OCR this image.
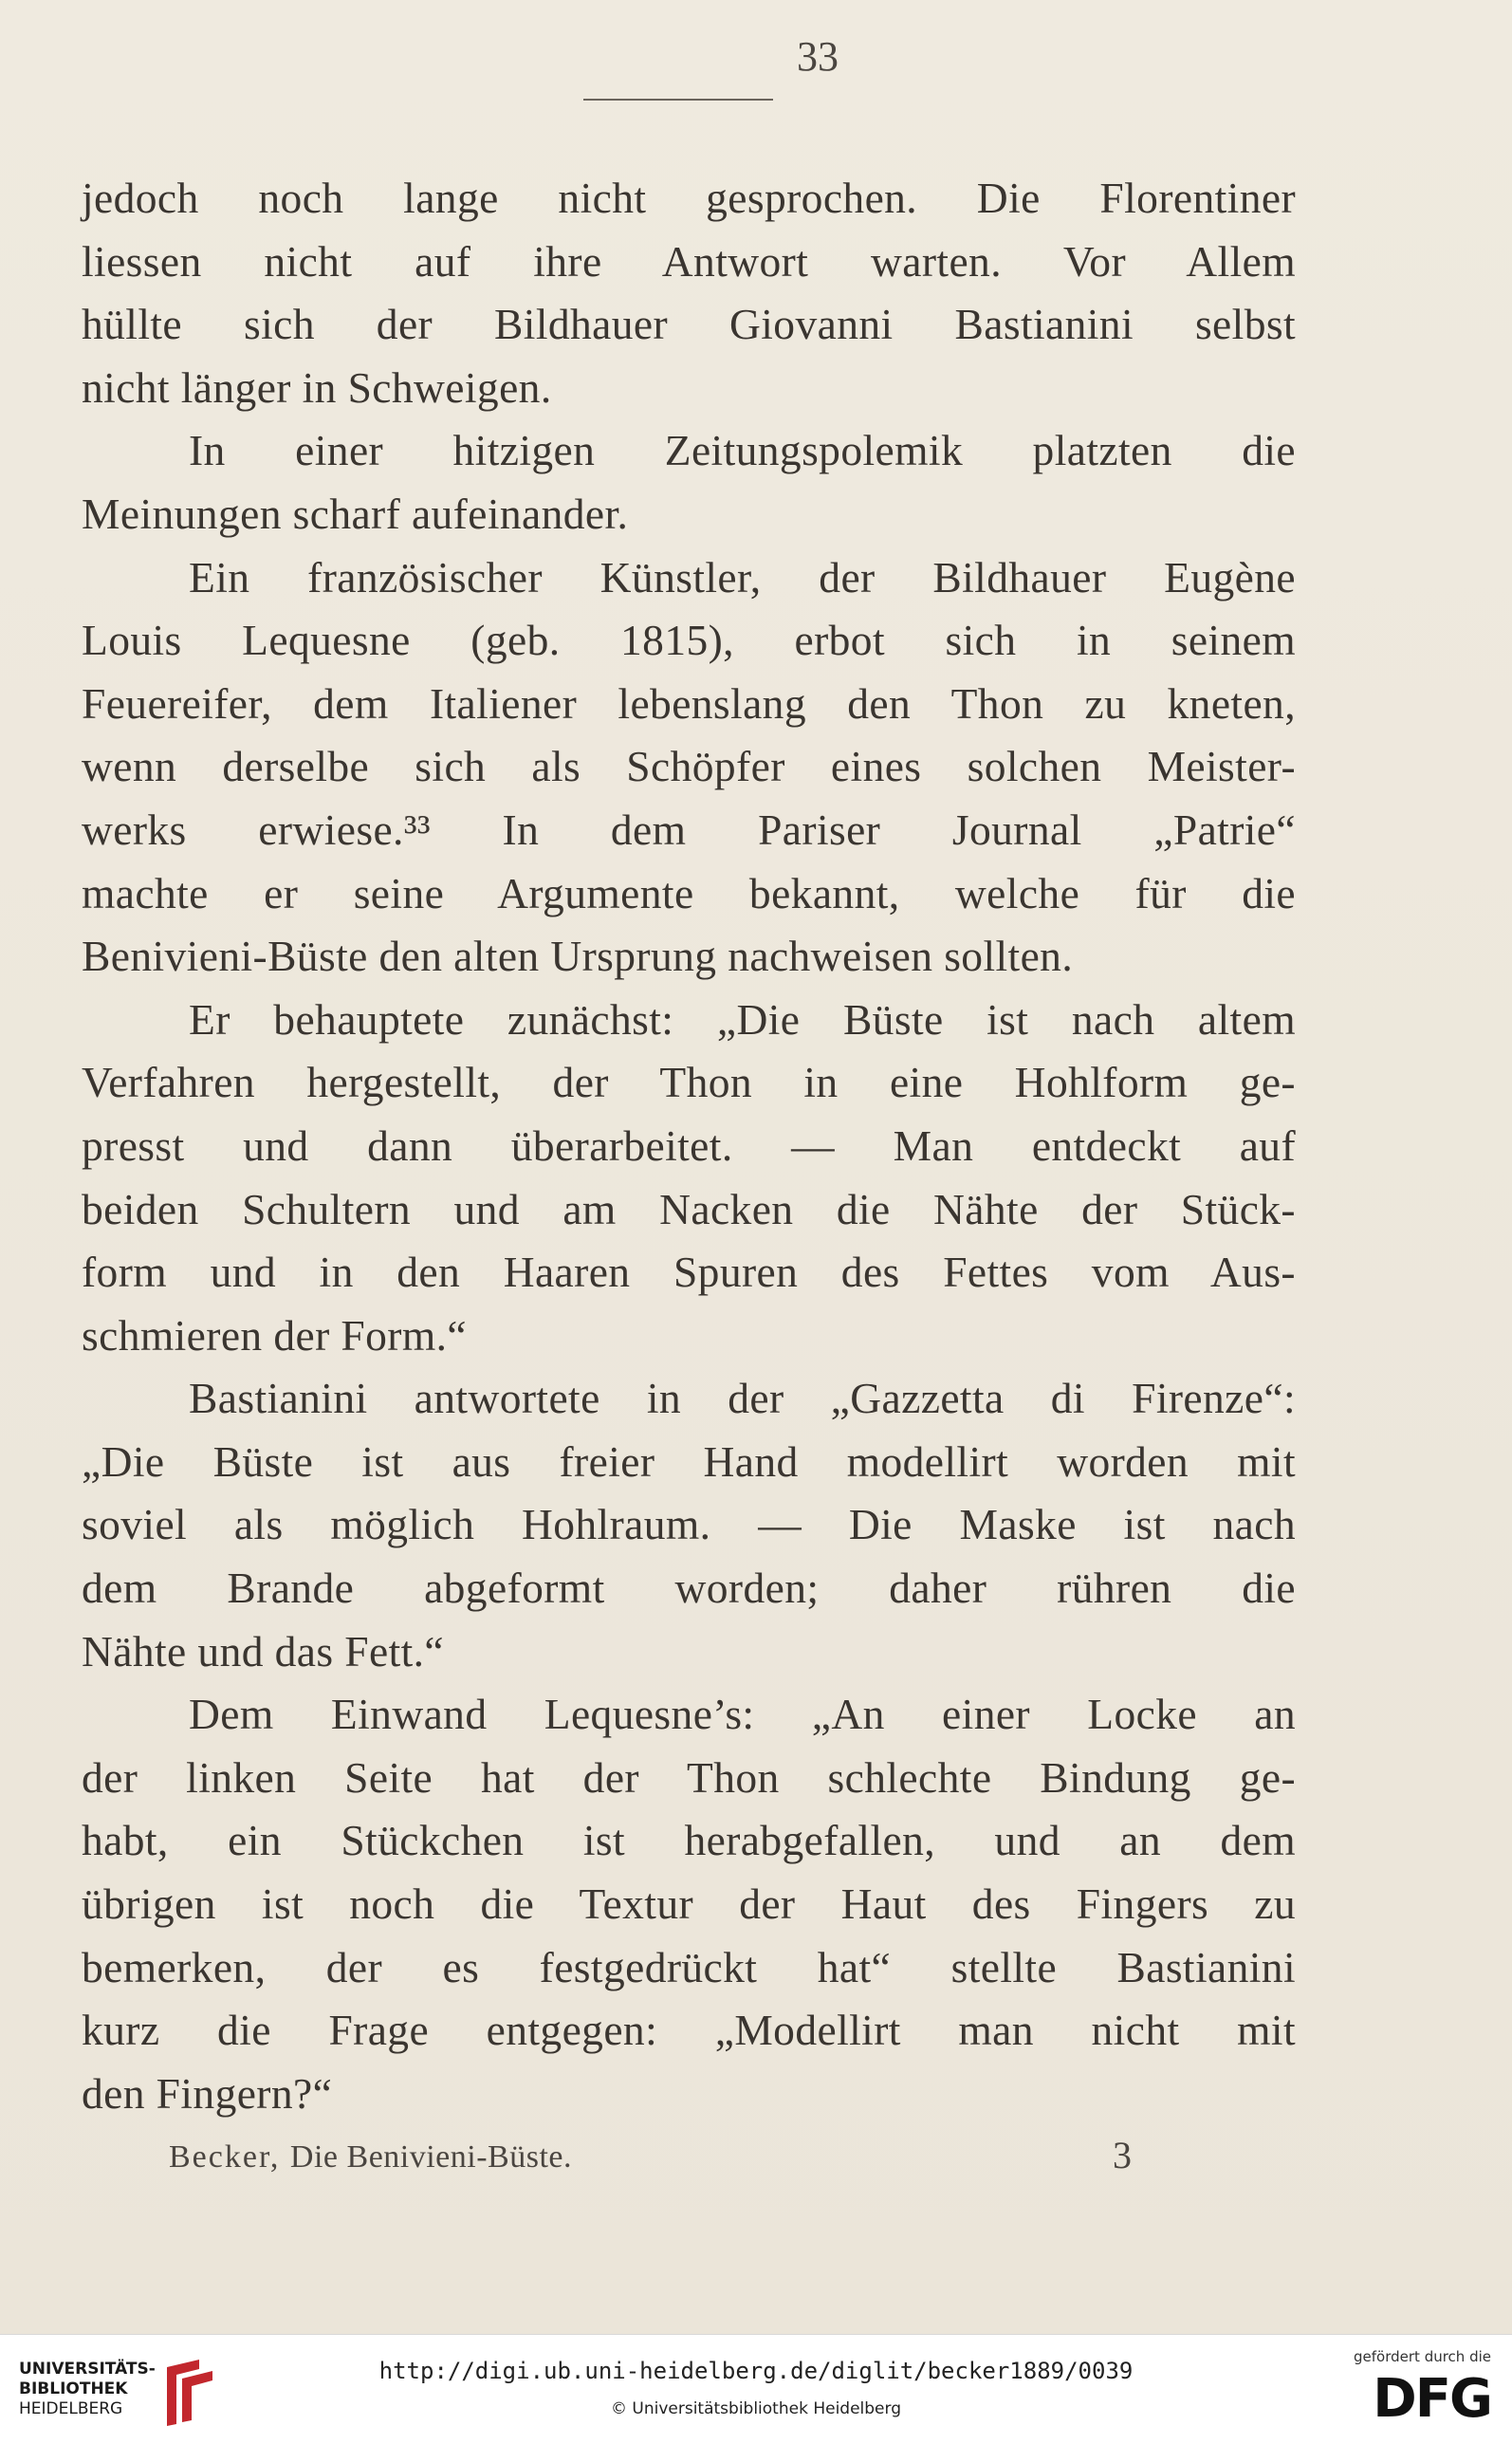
33
jedoch noch lange nicht gesprochen. Die Florentiner
liessen nicht auf ihre Antwort warten. Vor Allem
hüllte sich der Bildhauer Giovanni Bastianini selbst
nicht länger in Schweigen.
In einer hitzigen Zeitungspolemik platzten die
Meinungen scharf aufeinander.
Ein französischer Künstler, der Bildhauer Eugène
Louis Lequesne (geb. 1815), erbot sich in seinem
Feuereifer, dem Italiener lebenslang den Thon zu kneten,
wenn derselbe sich als Schöpfer eines solchen Meister-
werks erwiese.³³ In dem Pariser Journal „Patrie“
machte er seine Argumente bekannt, welche für die
Benivieni-Büste den alten Ursprung nachweisen sollten.
Er behauptete zunächst: „Die Büste ist nach altem
Verfahren hergestellt, der Thon in eine Hohlform ge-
presst und dann überarbeitet. — Man entdeckt auf
beiden Schultern und am Nacken die Nähte der Stück-
form und in den Haaren Spuren des Fettes vom Aus-
schmieren der Form.“
Bastianini antwortete in der „Gazzetta di Firenze“:
„Die Büste ist aus freier Hand modellirt worden mit
soviel als möglich Hohlraum. — Die Maske ist nach
dem Brande abgeformt worden; daher rühren die
Nähte und das Fett.“
Dem Einwand Lequesne’s: „An einer Locke an
der linken Seite hat der Thon schlechte Bindung ge-
habt, ein Stückchen ist herabgefallen, und an dem
übrigen ist noch die Textur der Haut des Fingers zu
bemerken, der es festgedrückt hat“ stellte Bastianini
kurz die Frage entgegen: „Modellirt man nicht mit
den Fingern?“
Becker, Die Benivieni-Büste.	3
UNIVERSITÄTS-
BIBLIOTHEK
HEIDELBERG
http://digi.ub.uni-heidelberg.de/diglit/becker1889/0039
© Universitätsbibliothek Heidelberg
gefördert durch die
DFG
